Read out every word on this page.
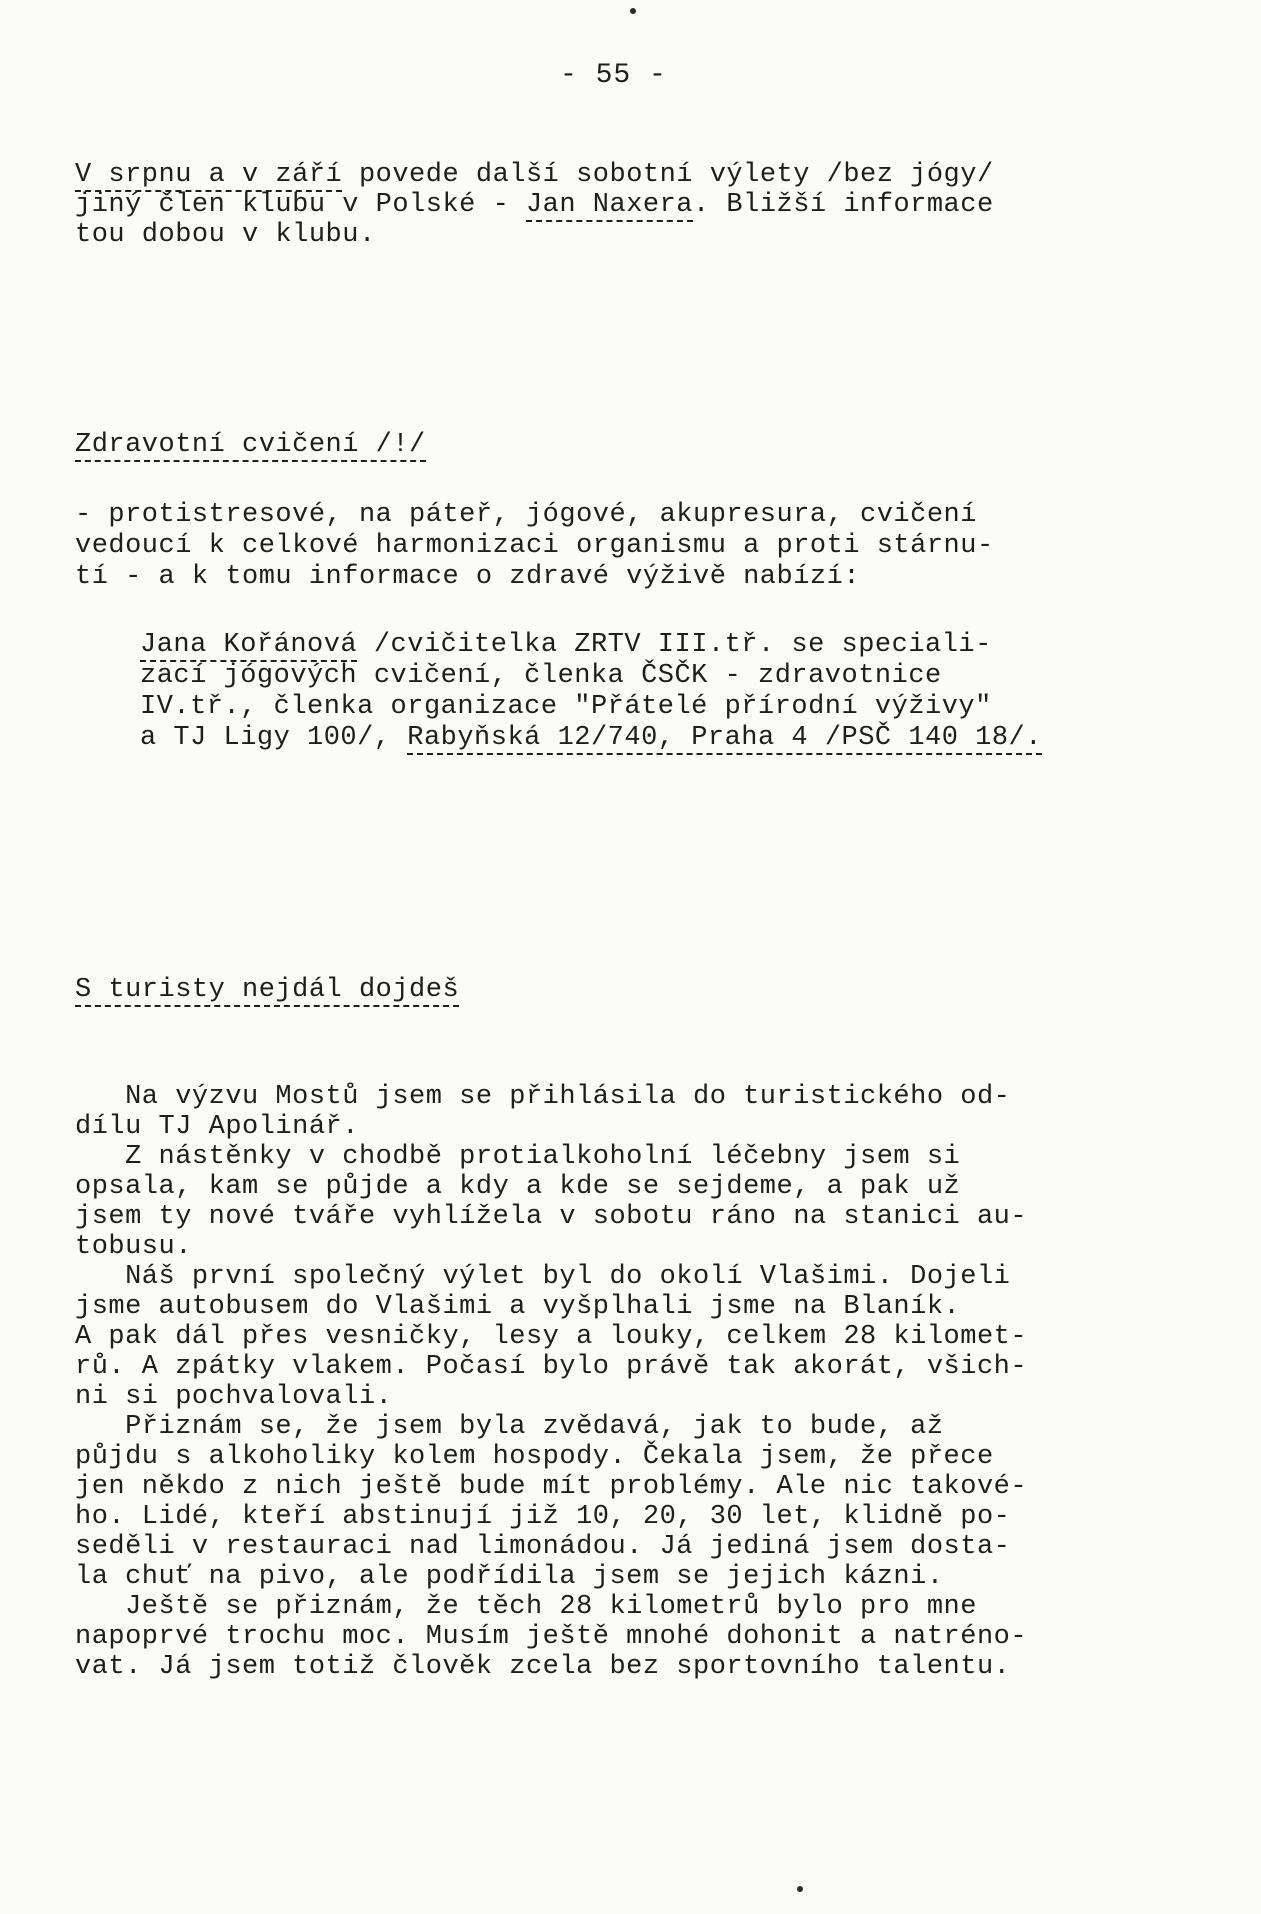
- 55 -
V srpnu a v září povede další sobotní výlety /bez jógy/
jiný člen klubu v Polské - Jan Naxera. Bližší informace
tou dobou v klubu.
Zdravotní cvičení /!/
- protistresové, na páteř, jógové, akupresura, cvičení
vedoucí k celkové harmonizaci organismu a proti stárnu-
tí - a k tomu informace o zdravé výživě nabízí:
Jana Kořánová /cvičitelka ZRTV III.tř. se speciali-
zací jógových cvičení, členka ČSČK - zdravotnice
IV.tř., členka organizace "Přátelé přírodní výživy"
a TJ Ligy 100/, Rabyňská 12/740, Praha 4 /PSČ 140 18/.
S turisty nejdál dojdeš
Na výzvu Mostů jsem se přihlásila do turistického od-
dílu TJ Apolinář.
Z nástěnky v chodbě protialkoholní léčebny jsem si
opsala, kam se půjde a kdy a kde se sejdeme, a pak už
jsem ty nové tváře vyhlížela v sobotu ráno na stanici au-
tobusu.
Náš první společný výlet byl do okolí Vlašimi. Dojeli
jsme autobusem do Vlašimi a vyšplhali jsme na Blaník.
A pak dál přes vesničky, lesy a louky, celkem 28 kilomet-
rů. A zpátky vlakem. Počasí bylo právě tak akorát, všich-
ni si pochvalovali.
Přiznám se, že jsem byla zvědavá, jak to bude, až
půjdu s alkoholiky kolem hospody. Čekala jsem, že přece
jen někdo z nich ještě bude mít problémy. Ale nic takové-
ho. Lidé, kteří abstinují již 10, 20, 30 let, klidně po-
seděli v restauraci nad limonádou. Já jediná jsem dosta-
la chuť na pivo, ale podřídila jsem se jejich kázni.
Ještě se přiznám, že těch 28 kilometrů bylo pro mne
napoprvé trochu moc. Musím ještě mnohé dohonit a natréno-
vat. Já jsem totiž člověk zcela bez sportovního talentu.
